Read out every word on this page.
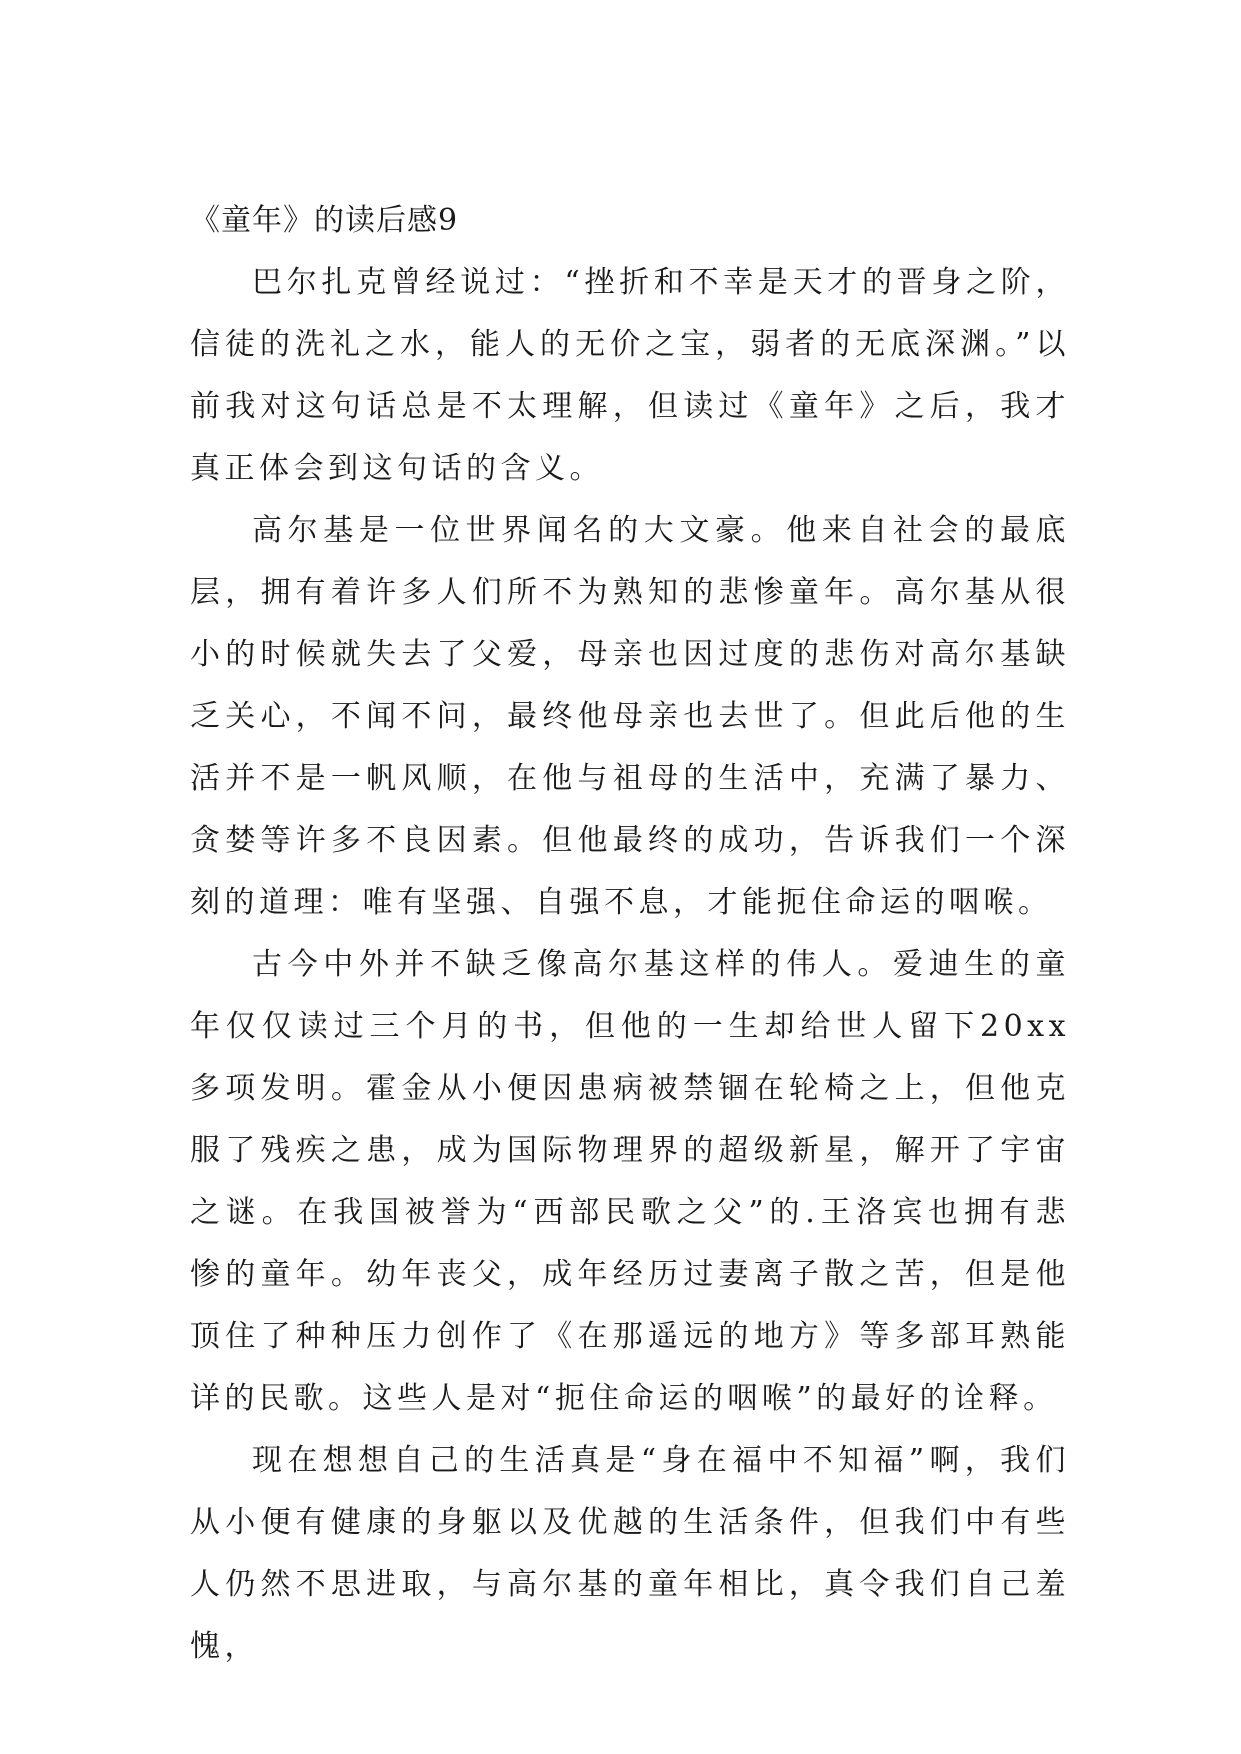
《童年》的读后感9

巴尔扎克曾经说过：“挫折和不幸是天才的晋身之阶，信徒的洗礼之水，能人的无价之宝，弱者的无底深渊。”以前我对这句话总是不太理解，但读过《童年》之后，我才真正体会到这句话的含义。

高尔基是一位世界闻名的大文豪。他来自社会的最底层，拥有着许多人们所不为熟知的悲惨童年。高尔基从很小的时候就失去了父爱，母亲也因过度的悲伤对高尔基缺乏关心，不闻不问，最终他母亲也去世了。但此后他的生活并不是一帆风顺，在他与祖母的生活中，充满了暴力、贪婪等许多不良因素。但他最终的成功，告诉我们一个深刻的道理：唯有坚强、自强不息，才能扼住命运的咽喉。

古今中外并不缺乏像高尔基这样的伟人。爱迪生的童年仅仅读过三个月的书，但他的一生却给世人留下20xx多项发明。霍金从小便因患病被禁锢在轮椅之上，但他克服了残疾之患，成为国际物理界的超级新星，解开了宇宙之谜。在我国被誉为“西部民歌之父”的.王洛宾也拥有悲惨的童年。幼年丧父，成年经历过妻离子散之苦，但是他顶住了种种压力创作了《在那遥远的地方》等多部耳熟能详的民歌。这些人是对“扼住命运的咽喉”的最好的诠释。

现在想想自己的生活真是“身在福中不知福”啊，我们从小便有健康的身躯以及优越的生活条件，但我们中有些人仍然不思进取，与高尔基的童年相比，真令我们自己羞愧，
